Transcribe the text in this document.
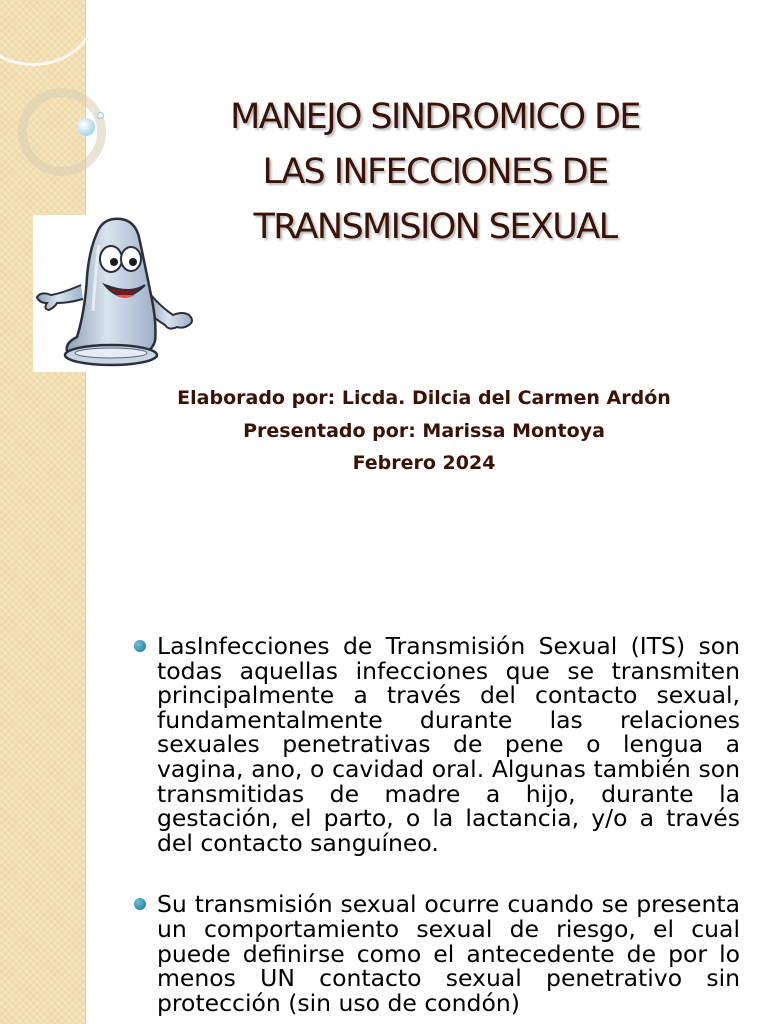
MANEJO SINDROMICO DE
LAS INFECCIONES DE
TRANSMISION SEXUAL
Elaborado por: Licda. Dilcia del Carmen Ardón
Presentado por: Marissa Montoya
Febrero 2024
LasInfecciones de Transmisión Sexual (ITS) son todas aquellas infecciones que se transmiten principalmente a través del contacto sexual, fundamentalmente durante las relaciones sexuales penetrativas de pene o lengua a vagina, ano, o cavidad oral. Algunas también son transmitidas de madre a hijo, durante la gestación, el parto, o la lactancia, y/o a través del contacto sanguíneo.
Su transmisión sexual ocurre cuando se presenta un comportamiento sexual de riesgo, el cual puede definirse como el antecedente de por lo menos UN contacto sexual penetrativo sin protección (sin uso de condón)
